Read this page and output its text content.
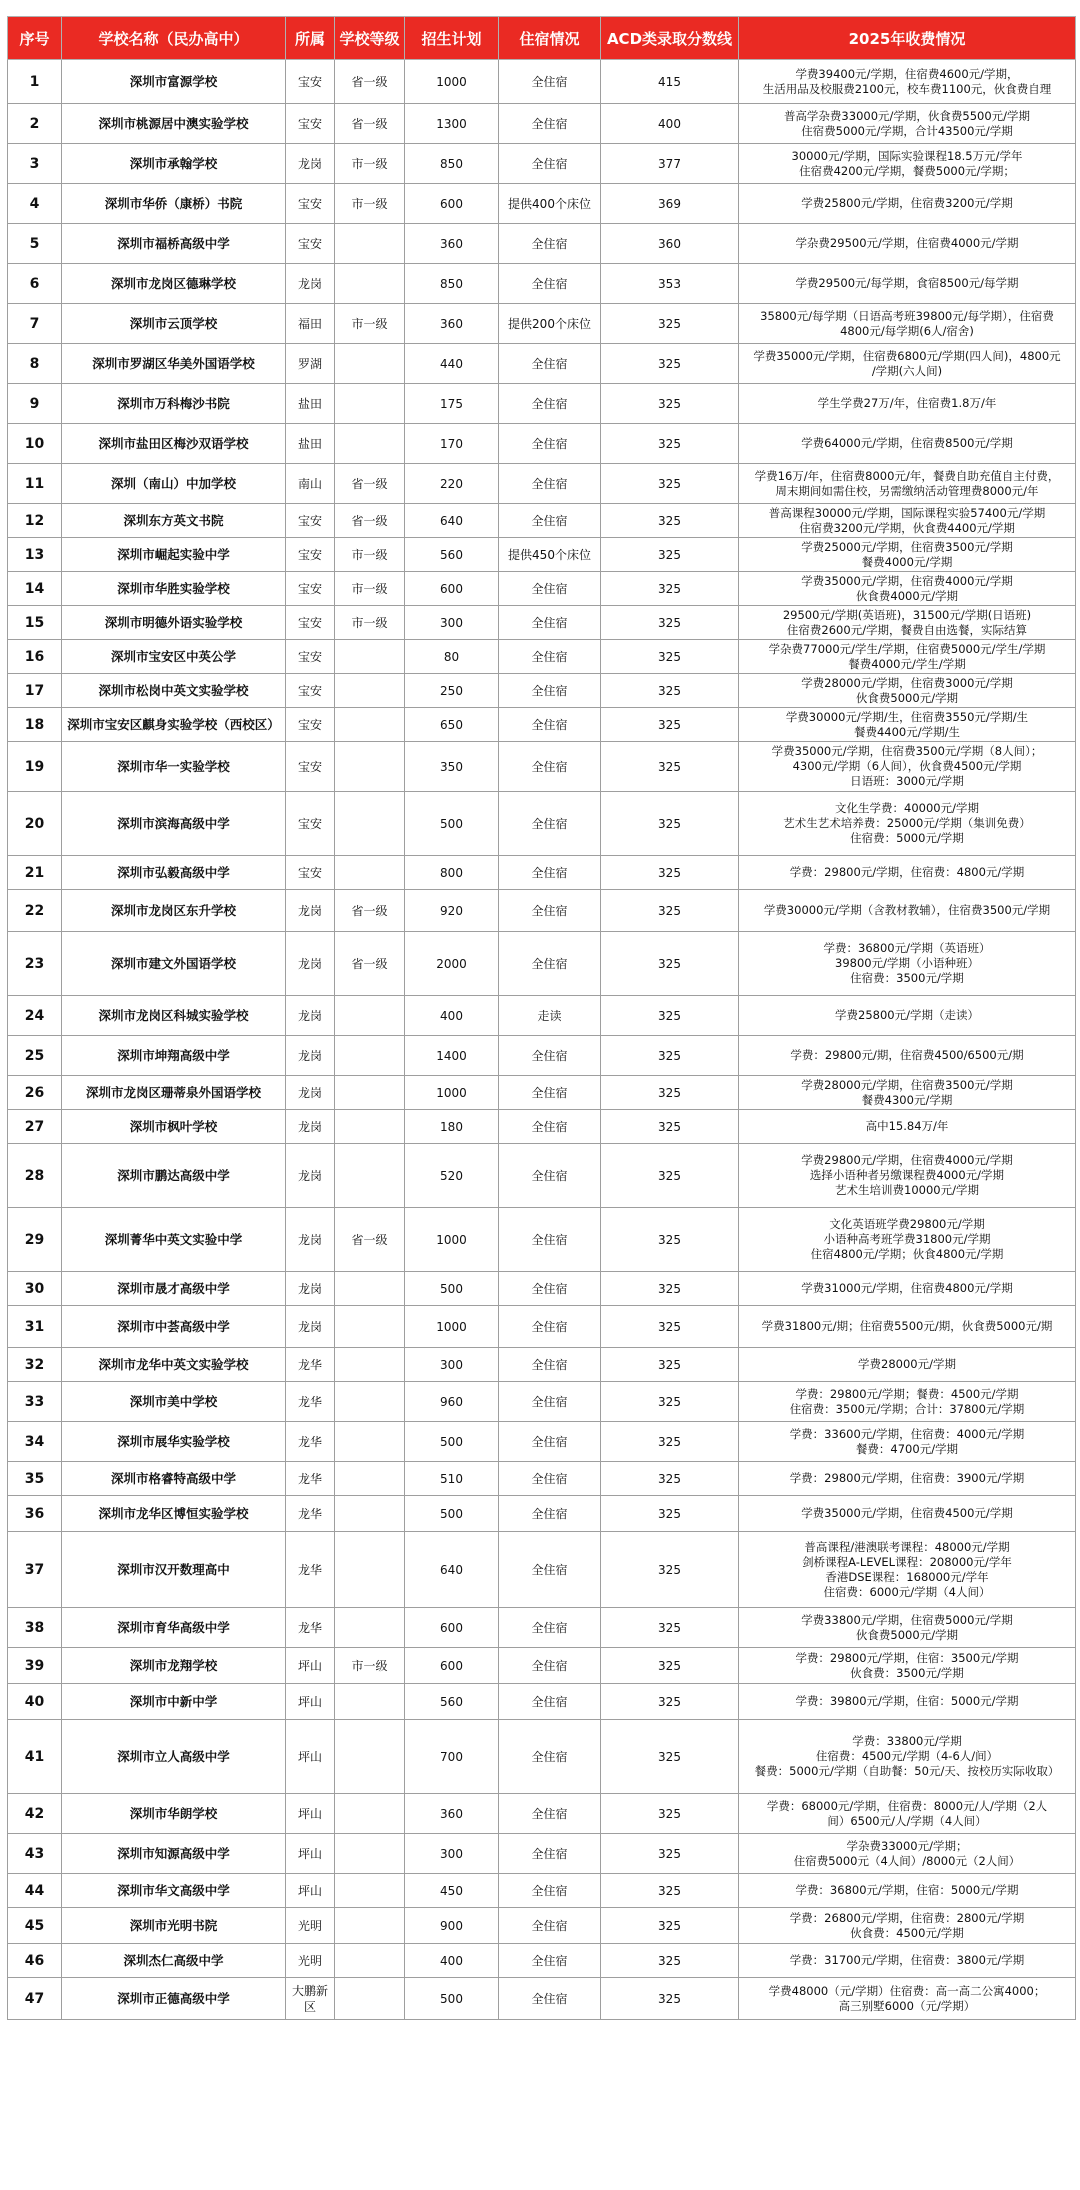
序号	学校名称（民办高中）	所属	学校等级	招生计划	住宿情况	ACD类录取分数线	2025年收费情况
1	深圳市富源学校	宝安	省一级	1000	全住宿	415	学费39400元/学期，住宿费4600元/学期，
生活用品及校服费2100元，校车费1100元，伙食费自理
2	深圳市桃源居中澳实验学校	宝安	省一级	1300	全住宿	400	普高学杂费33000元/学期，伙食费5500元/学期
住宿费5000元/学期，合计43500元/学期
3	深圳市承翰学校	龙岗	市一级	850	全住宿	377	30000元/学期，国际实验课程18.5万元/学年
住宿费4200元/学期，餐费5000元/学期；
4	深圳市华侨（康桥）书院	宝安	市一级	600	提供400个床位	369	学费25800元/学期，住宿费3200元/学期
5	深圳市福桥高级中学	宝安		360	全住宿	360	学杂费29500元/学期，住宿费4000元/学期
6	深圳市龙岗区德琳学校	龙岗		850	全住宿	353	学费29500元/每学期，食宿8500元/每学期
7	深圳市云顶学校	福田	市一级	360	提供200个床位	325	35800元/每学期（日语高考班39800元/每学期），住宿费
4800元/每学期(6人/宿舍)
8	深圳市罗湖区华美外国语学校	罗湖		440	全住宿	325	学费35000元/学期，住宿费6800元/学期(四人间)，4800元
/学期(六人间)
9	深圳市万科梅沙书院	盐田		175	全住宿	325	学生学费27万/年，住宿费1.8万/年
10	深圳市盐田区梅沙双语学校	盐田		170	全住宿	325	学费64000元/学期，住宿费8500元/学期
11	深圳（南山）中加学校	南山	省一级	220	全住宿	325	学费16万/年，住宿费8000元/年，餐费自助充值自主付费，
周末期间如需住校，另需缴纳活动管理费8000元/年
12	深圳东方英文书院	宝安	省一级	640	全住宿	325	普高课程30000元/学期，国际课程实验57400元/学期
住宿费3200元/学期，伙食费4400元/学期
13	深圳市崛起实验中学	宝安	市一级	560	提供450个床位	325	学费25000元/学期，住宿费3500元/学期
餐费4000元/学期
14	深圳市华胜实验学校	宝安	市一级	600	全住宿	325	学费35000元/学期，住宿费4000元/学期
伙食费4000元/学期
15	深圳市明德外语实验学校	宝安	市一级	300	全住宿	325	29500元/学期(英语班)，31500元/学期(日语班)
住宿费2600元/学期，餐费自由选餐，实际结算
16	深圳市宝安区中英公学	宝安		80	全住宿	325	学杂费77000元/学生/学期，住宿费5000元/学生/学期
餐费4000元/学生/学期
17	深圳市松岗中英文实验学校	宝安		250	全住宿	325	学费28000元/学期，住宿费3000元/学期
伙食费5000元/学期
18	深圳市宝安区麒身实验学校（西校区）	宝安		650	全住宿	325	学费30000元/学期/生，住宿费3550元/学期/生
餐费4400元/学期/生
19	深圳市华一实验学校	宝安		350	全住宿	325	学费35000元/学期，住宿费3500元/学期（8人间）；
4300元/学期（6人间），伙食费4500元/学期
日语班：3000元/学期
20	深圳市滨海高级中学	宝安		500	全住宿	325	文化生学费：40000元/学期
艺术生艺术培养费：25000元/学期（集训免费）
住宿费：5000元/学期
21	深圳市弘毅高级中学	宝安		800	全住宿	325	学费：29800元/学期，住宿费：4800元/学期
22	深圳市龙岗区东升学校	龙岗	省一级	920	全住宿	325	学费30000元/学期（含教材教辅），住宿费3500元/学期
23	深圳市建文外国语学校	龙岗	省一级	2000	全住宿	325	学费：36800元/学期（英语班）
39800元/学期（小语种班）
住宿费：3500元/学期
24	深圳市龙岗区科城实验学校	龙岗		400	走读	325	学费25800元/学期（走读）
25	深圳市坤翔高级中学	龙岗		1400	全住宿	325	学费：29800元/期，住宿费4500/6500元/期
26	深圳市龙岗区珊蒂泉外国语学校	龙岗		1000	全住宿	325	学费28000元/学期，住宿费3500元/学期
餐费4300元/学期
27	深圳市枫叶学校	龙岗		180	全住宿	325	高中15.84万/年
28	深圳市鹏达高级中学	龙岗		520	全住宿	325	学费29800元/学期，住宿费4000元/学期
选择小语种者另缴课程费4000元/学期
艺术生培训费10000元/学期
29	深圳菁华中英文实验中学	龙岗	省一级	1000	全住宿	325	文化英语班学费29800元/学期
小语种高考班学费31800元/学期
住宿4800元/学期；伙食4800元/学期
30	深圳市晟才高级中学	龙岗		500	全住宿	325	学费31000元/学期，住宿费4800元/学期
31	深圳市中荟高级中学	龙岗		1000	全住宿	325	学费31800元/期；住宿费5500元/期，伙食费5000元/期
32	深圳市龙华中英文实验学校	龙华		300	全住宿	325	学费28000元/学期
33	深圳市美中学校	龙华		960	全住宿	325	学费：29800元/学期；餐费：4500元/学期
住宿费：3500元/学期；合计：37800元/学期
34	深圳市展华实验学校	龙华		500	全住宿	325	学费：33600元/学期，住宿费：4000元/学期
餐费：4700元/学期
35	深圳市格睿特高级中学	龙华		510	全住宿	325	学费：29800元/学期，住宿费：3900元/学期
36	深圳市龙华区博恒实验学校	龙华		500	全住宿	325	学费35000元/学期，住宿费4500元/学期
37	深圳市汉开数理高中	龙华		640	全住宿	325	普高课程/港澳联考课程：48000元/学期
剑桥课程A-LEVEL课程：208000元/学年
香港DSE课程：168000元/学年
住宿费：6000元/学期（4人间）
38	深圳市育华高级中学	龙华		600	全住宿	325	学费33800元/学期，住宿费5000元/学期
伙食费5000元/学期
39	深圳市龙翔学校	坪山	市一级	600	全住宿	325	学费：29800元/学期，住宿：3500元/学期
伙食费：3500元/学期
40	深圳市中新中学	坪山		560	全住宿	325	学费：39800元/学期，住宿：5000元/学期
41	深圳市立人高级中学	坪山		700	全住宿	325	学费：33800元/学期
住宿费：4500元/学期（4-6人/间）
餐费：5000元/学期（自助餐：50元/天、按校历实际收取）
42	深圳市华朗学校	坪山		360	全住宿	325	学费：68000元/学期，住宿费：8000元/人/学期（2人
间）6500元/人/学期（4人间）
43	深圳市知源高级中学	坪山		300	全住宿	325	学杂费33000元/学期；
住宿费5000元（4人间）/8000元（2人间）
44	深圳市华文高级中学	坪山		450	全住宿	325	学费：36800元/学期，住宿：5000元/学期
45	深圳市光明书院	光明		900	全住宿	325	学费：26800元/学期，住宿费：2800元/学期
伙食费：4500元/学期
46	深圳杰仁高级中学	光明		400	全住宿	325	学费：31700元/学期，住宿费：3800元/学期
47	深圳市正德高级中学	大鹏新区		500	全住宿	325	学费48000（元/学期）住宿费：高一高二公寓4000；
高三别墅6000（元/学期）
